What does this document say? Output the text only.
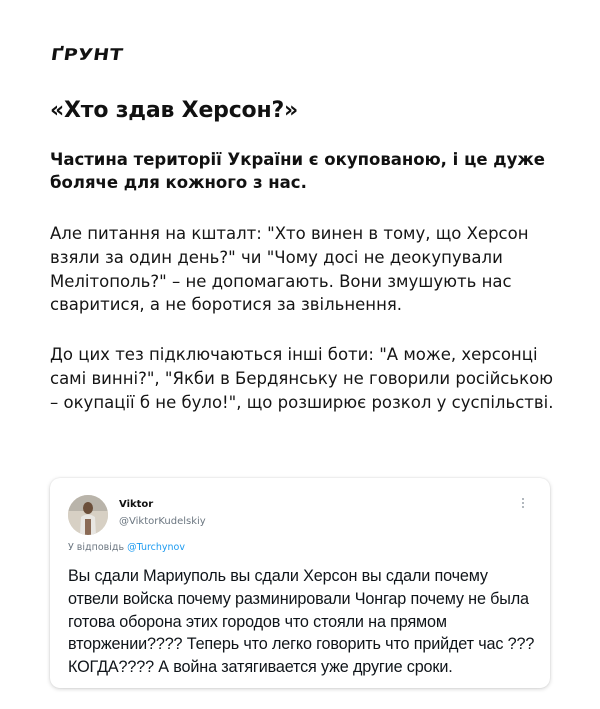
ҐРУНТ
«Хто здав Херсон?»
Частина території України є окупованою, і це дуже боляче для кожного з нас.
Але питання на кшталт: "Хто винен в тому, що Херсон взяли за один день?" чи "Чому досі не деокупували Мелітополь?" – не допомагають. Вони змушують нас сваритися, а не боротися за звільнення.
До цих тез підключаються інші боти: "А може, херсонці самі винні?", "Якби в Бердянську не говорили російською – окупації б не було!", що розширює розкол у суспільстві.
Viktor
@ViktorKudelskiy
У відповідь @Turchynov
Вы сдали Мариуполь вы сдали Херсон вы сдали почему отвели войска почему разминировали Чонгар почему не была готова оборона этих городов что стояли на прямом вторжении???? Теперь что легко говорить что прийдет час ??? КОГДА???? А война затягивается уже другие сроки.
